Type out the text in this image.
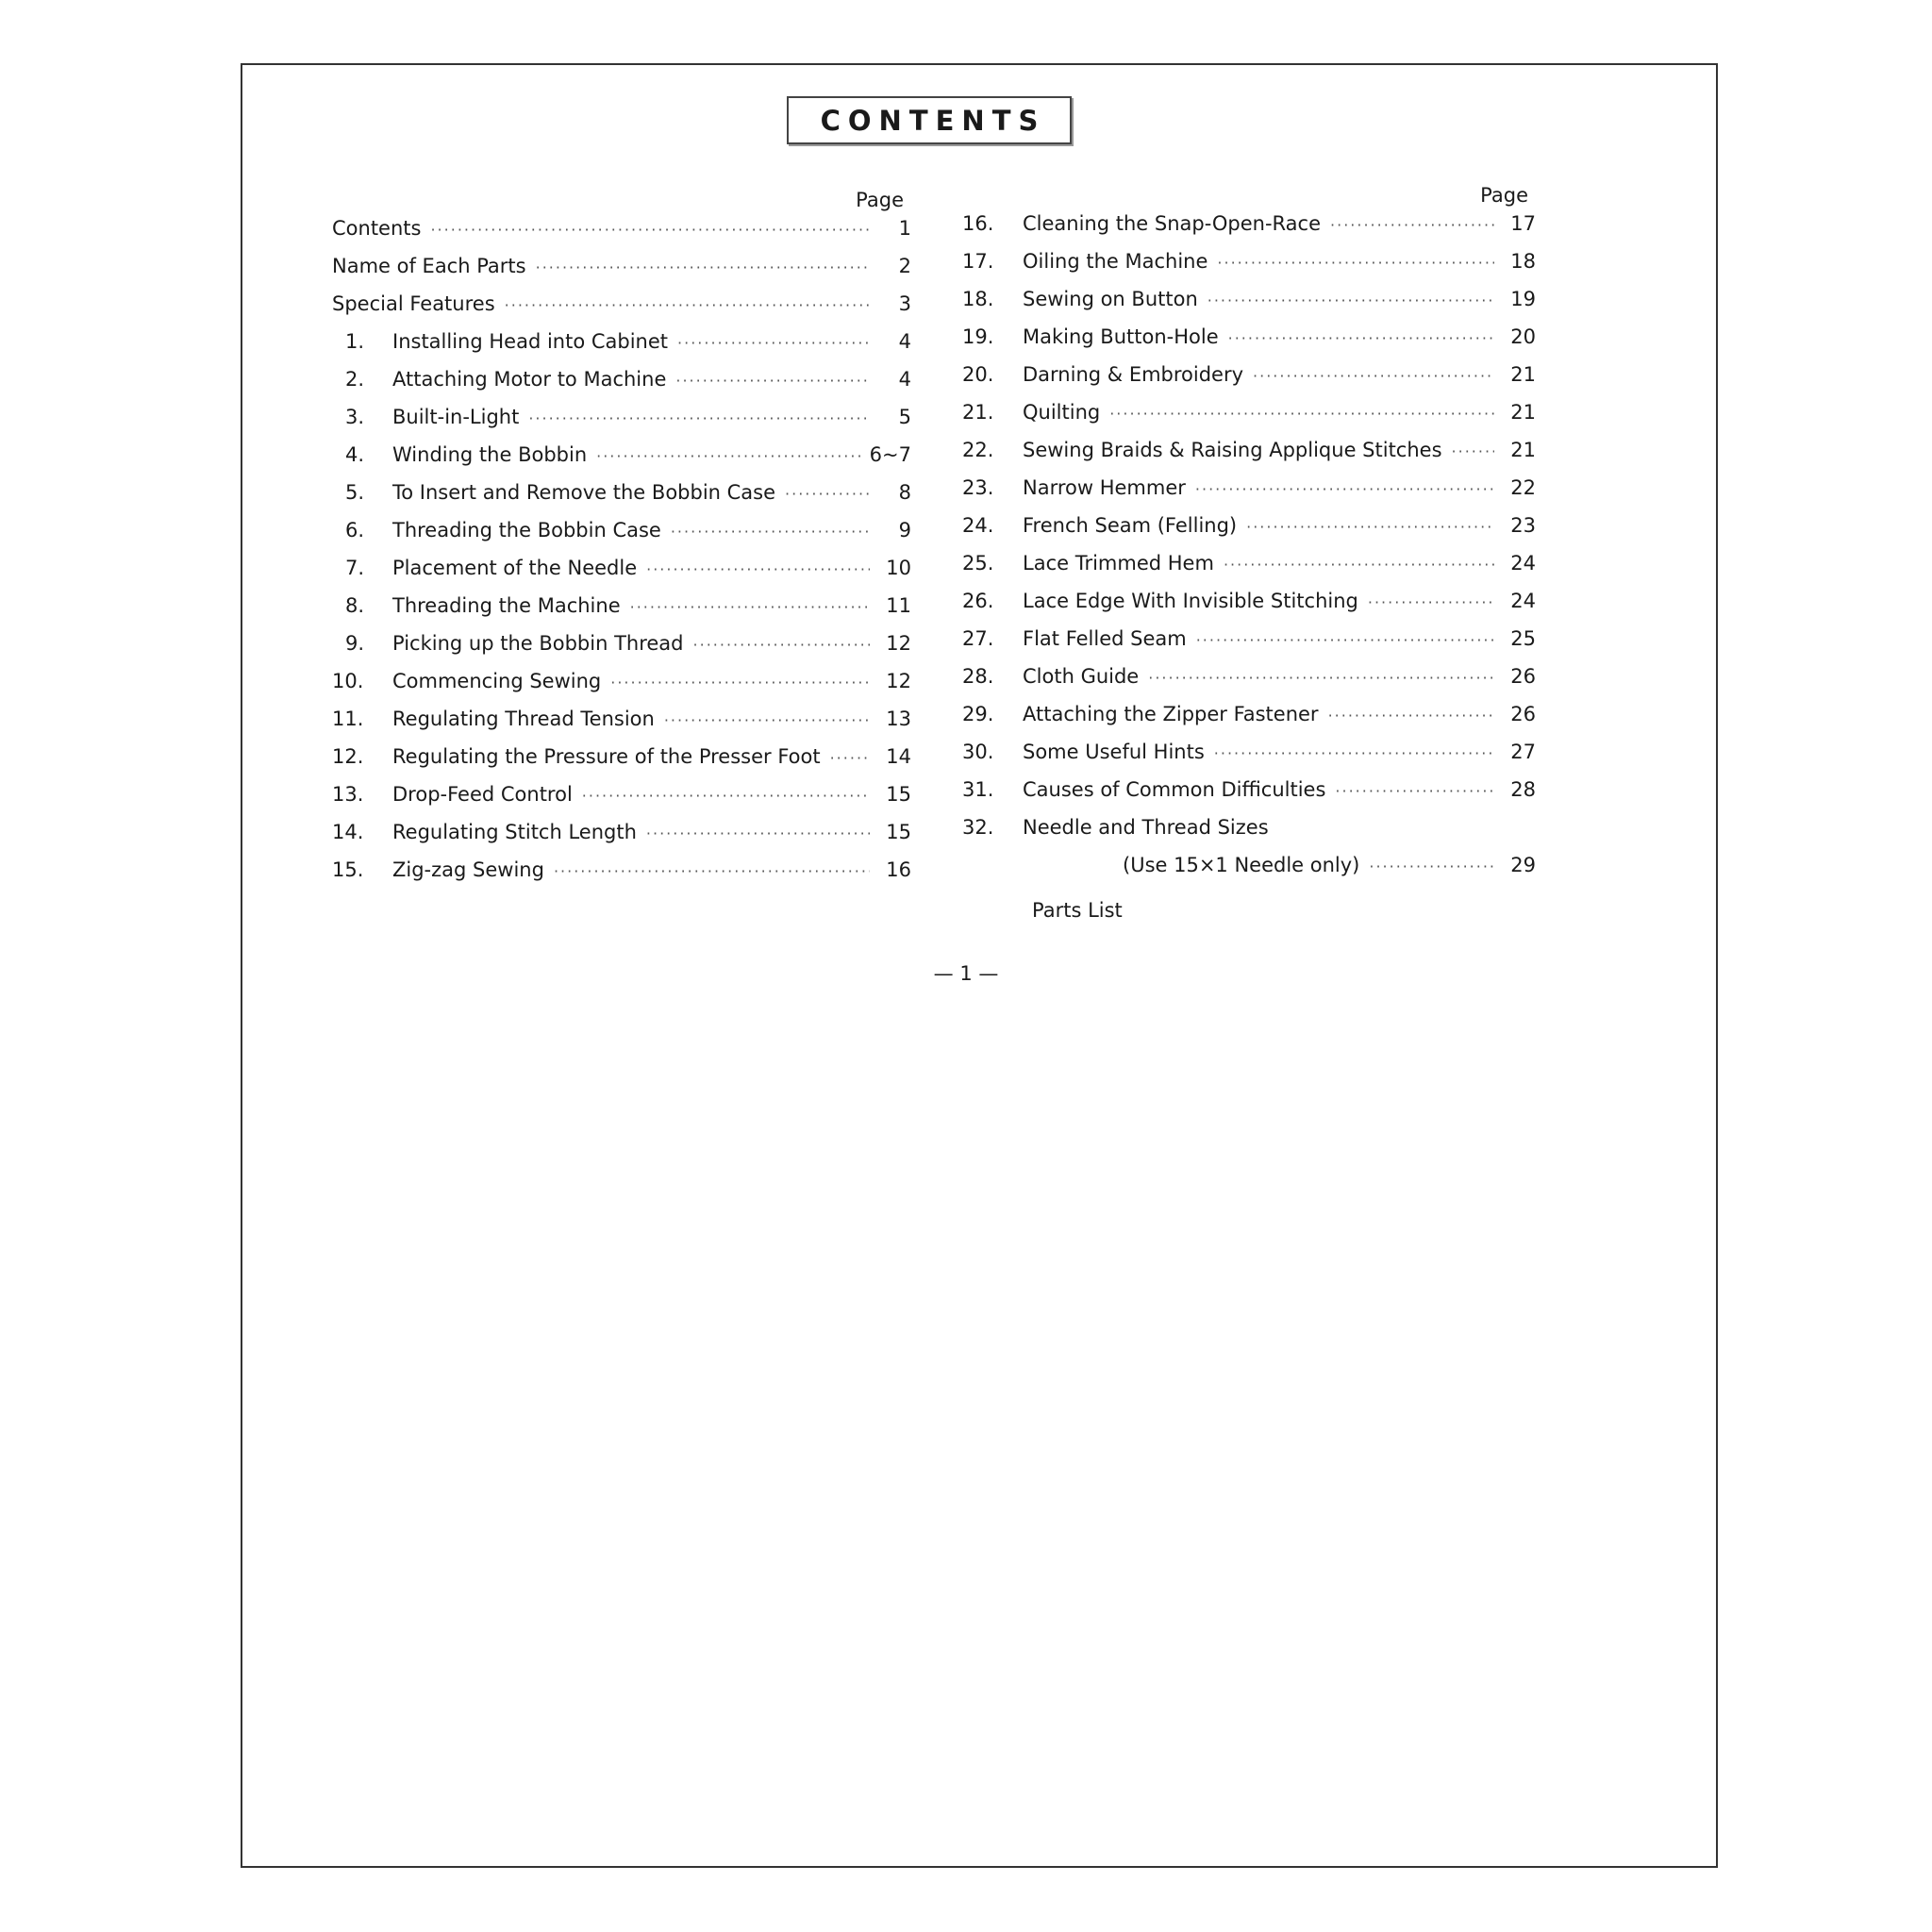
CONTENTS
Page
Contents ·····	1
Name of Each Parts ·····	2
Special Features ·····	3
1.	Installing Head into Cabinet ·····	4
2.	Attaching Motor to Machine ·····	4
3.	Built-in-Light ·····	5
4.	Winding the Bobbin ·····	6~7
5.	To Insert and Remove the Bobbin Case ·····	8
6.	Threading the Bobbin Case ·····	9
7.	Placement of the Needle ·····	10
8.	Threading the Machine ·····	11
9.	Picking up the Bobbin Thread ·····	12
10.	Commencing Sewing ·····	12
11.	Regulating Thread Tension ·····	13
12.	Regulating the Pressure of the Presser Foot ·····	14
13.	Drop-Feed Control ·····	15
14.	Regulating Stitch Length ·····	15
15.	Zig-zag Sewing ·····	16
Page
16.	Cleaning the Snap-Open-Race ·····	17
17.	Oiling the Machine ·····	18
18.	Sewing on Button ·····	19
19.	Making Button-Hole ·····	20
20.	Darning & Embroidery ·····	21
21.	Quilting ·····	21
22.	Sewing Braids & Raising Applique Stitches ·····	21
23.	Narrow Hemmer ·····	22
24.	French Seam (Felling) ·····	23
25.	Lace Trimmed Hem ·····	24
26.	Lace Edge With Invisible Stitching ·····	24
27.	Flat Felled Seam ·····	25
28.	Cloth Guide ·····	26
29.	Attaching the Zipper Fastener ·····	26
30.	Some Useful Hints ·····	27
31.	Causes of Common Difficulties ·····	28
32.	Needle and Thread Sizes
(Use 15×1 Needle only) ·····	29
Parts List
— 1 —
